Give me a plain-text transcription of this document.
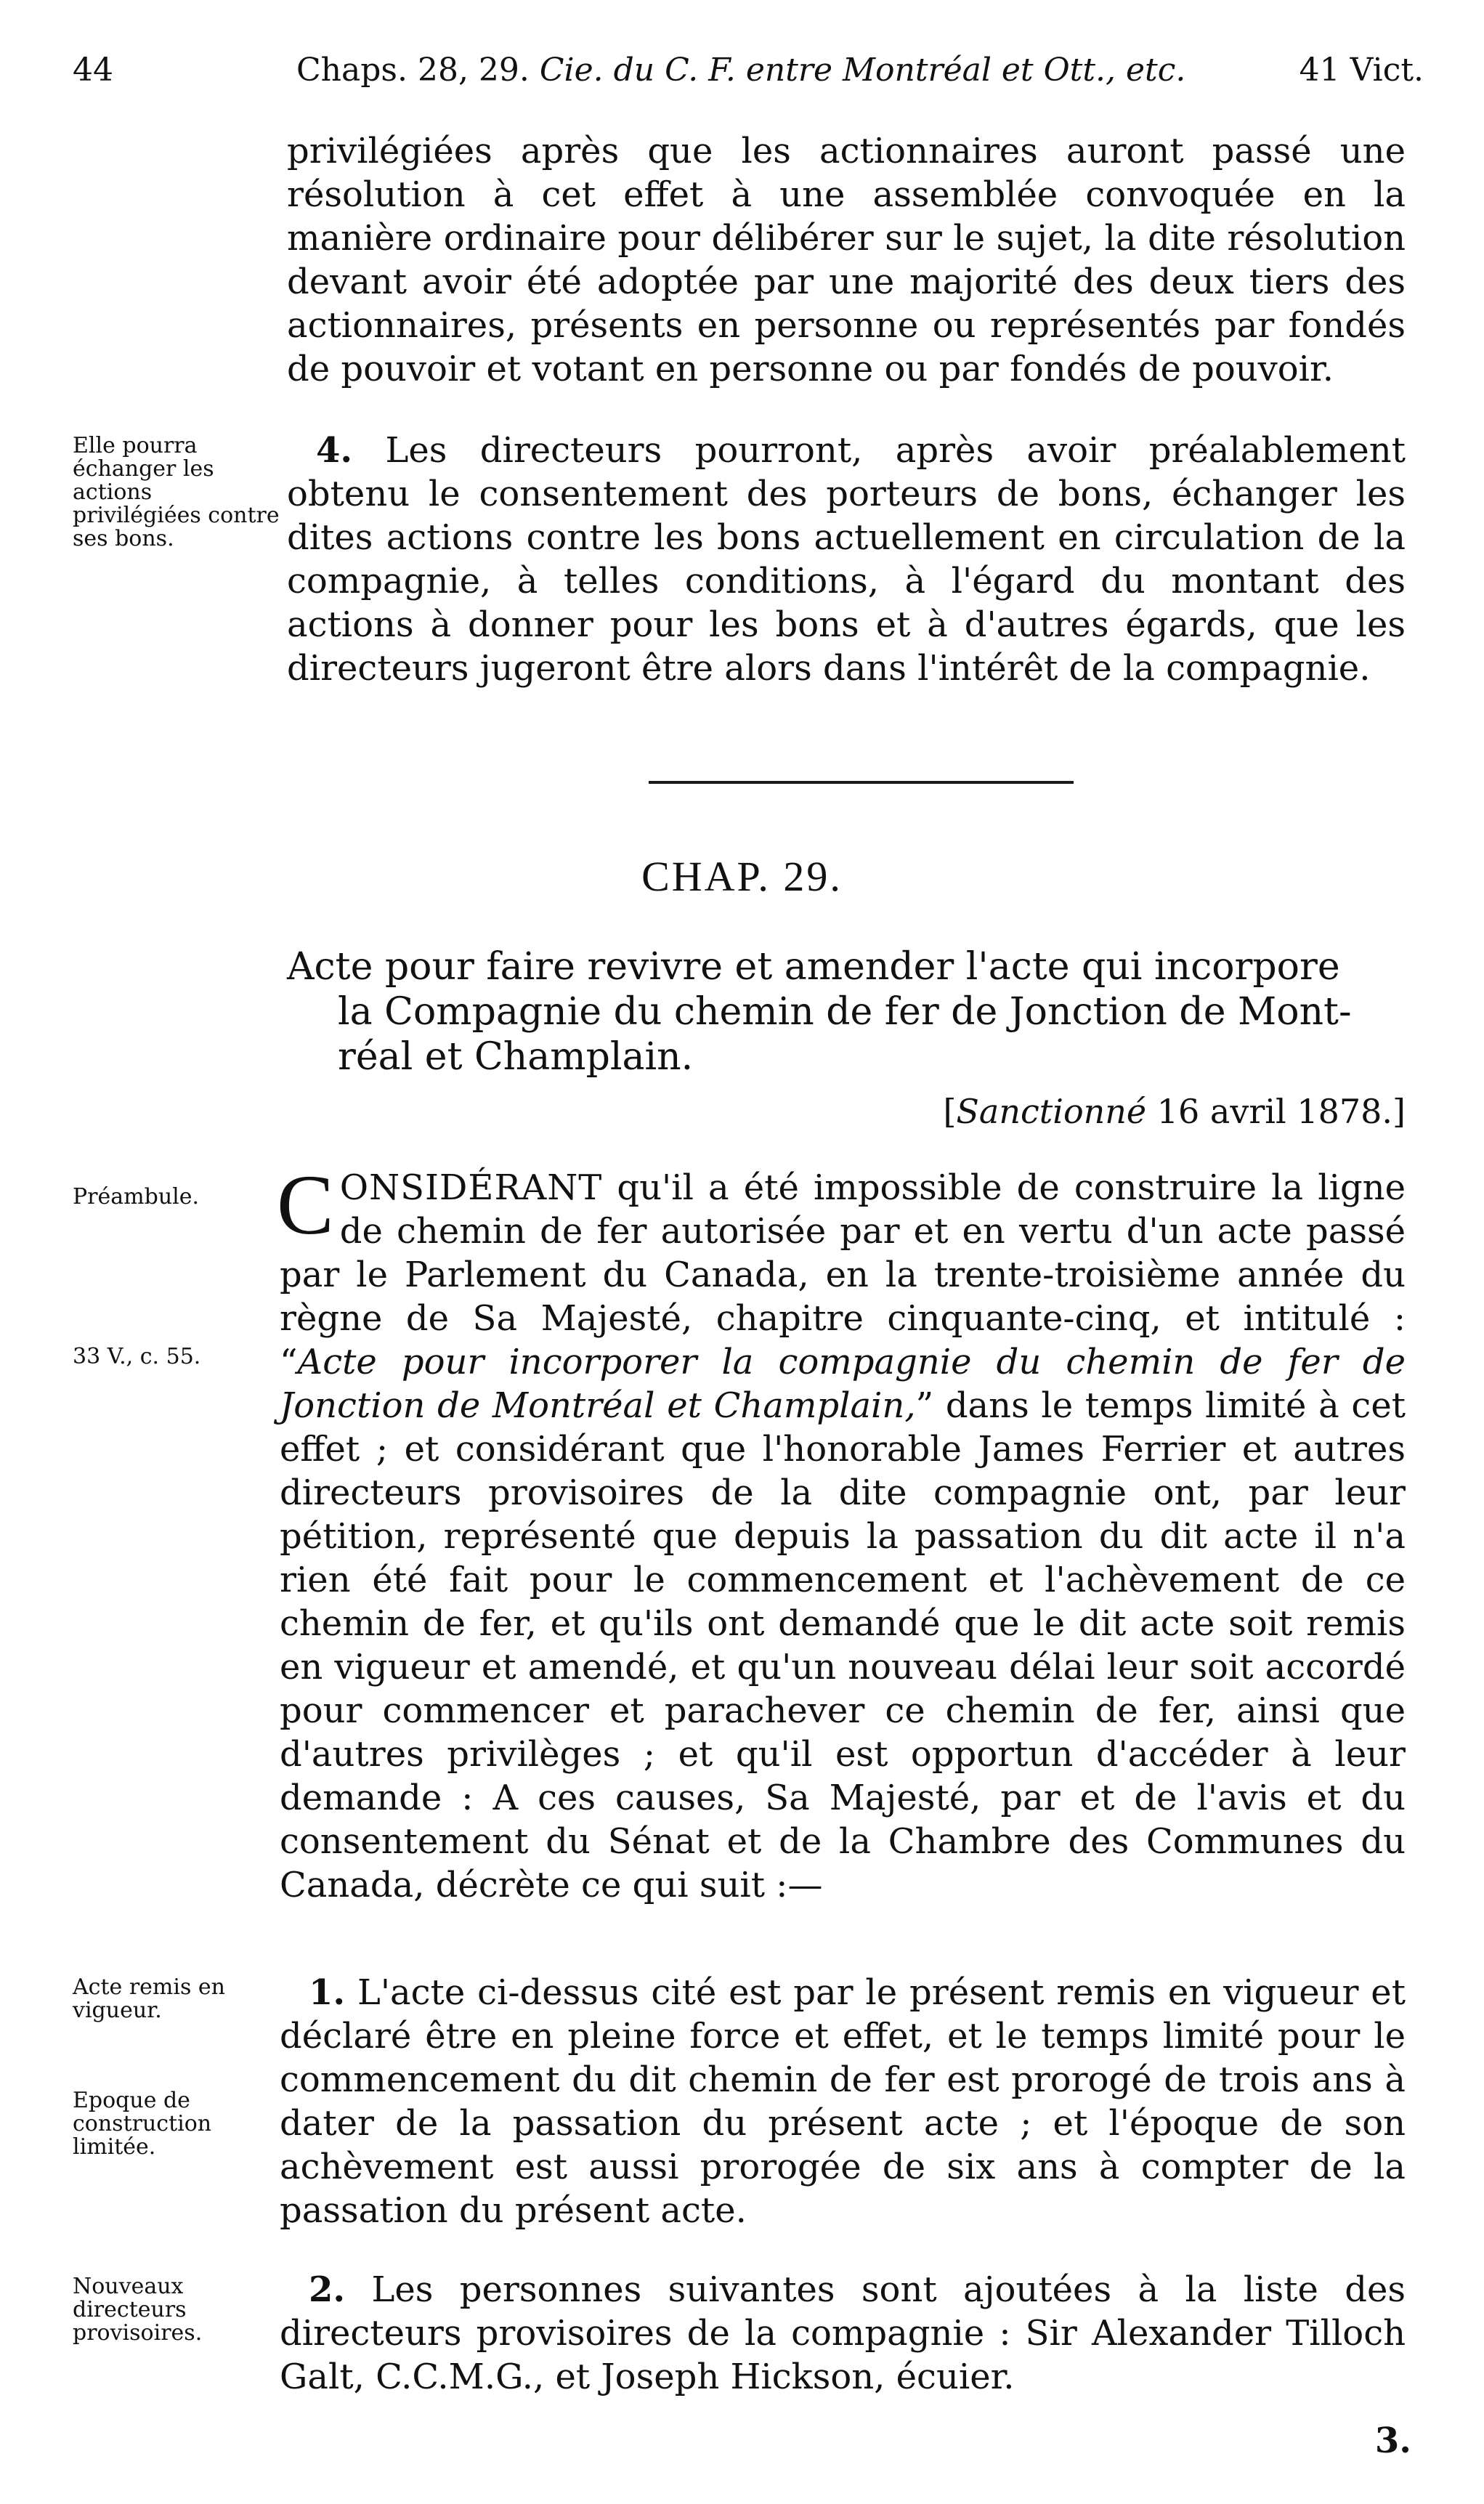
44	Chaps. 28, 29. Cie. du C. F. entre Montréal et Ott., etc.	41 Vict.

privilégiées après que les actionnaires auront passé une résolution à cet effet à une assemblée convoquée en la manière ordinaire pour délibérer sur le sujet, la dite résolution devant avoir été adoptée par une majorité des deux tiers des actionnaires, présents en personne ou représentés par fondés de pouvoir et votant en personne ou par fondés de pouvoir.

Elle pourra échanger les actions privilégiées contre ses bons.

4. Les directeurs pourront, après avoir préalablement obtenu le consentement des porteurs de bons, échanger les dites actions contre les bons actuellement en circulation de la compagnie, à telles conditions, à l'égard du montant des actions à donner pour les bons et à d'autres égards, que les directeurs jugeront être alors dans l'intérêt de la compagnie.

CHAP. 29.

Acte pour faire revivre et amender l'acte qui incorpore
la Compagnie du chemin de fer de Jonction de Mont-
réal et Champlain.

[Sanctionné 16 avril 1878.]

Préambule.

33 V., c. 55.

CONSIDÉRANT qu'il a été impossible de construire la ligne de chemin de fer autorisée par et en vertu d'un acte passé par le Parlement du Canada, en la trente-troisième année du règne de Sa Majesté, chapitre cinquante-cinq, et intitulé : “Acte pour incorporer la compagnie du chemin de fer de Jonction de Montréal et Champlain,” dans le temps limité à cet effet ; et considérant que l'honorable James Ferrier et autres directeurs provisoires de la dite compagnie ont, par leur pétition, représenté que depuis la passation du dit acte il n'a rien été fait pour le commencement et l'achèvement de ce chemin de fer, et qu'ils ont demandé que le dit acte soit remis en vigueur et amendé, et qu'un nouveau délai leur soit accordé pour commencer et parachever ce chemin de fer, ainsi que d'autres privilèges ; et qu'il est opportun d'accéder à leur demande : A ces causes, Sa Majesté, par et de l'avis et du consentement du Sénat et de la Chambre des Communes du Canada, décrète ce qui suit :—

Acte remis en vigueur.

Epoque de construction limitée.

1. L'acte ci-dessus cité est par le présent remis en vigueur et déclaré être en pleine force et effet, et le temps limité pour le commencement du dit chemin de fer est prorogé de trois ans à dater de la passation du présent acte ; et l'époque de son achèvement est aussi prorogée de six ans à compter de la passation du présent acte.

Nouveaux directeurs provisoires.

2. Les personnes suivantes sont ajoutées à la liste des directeurs provisoires de la compagnie : Sir Alexander Tilloch Galt, C.C.M.G., et Joseph Hickson, écuier.

3.
